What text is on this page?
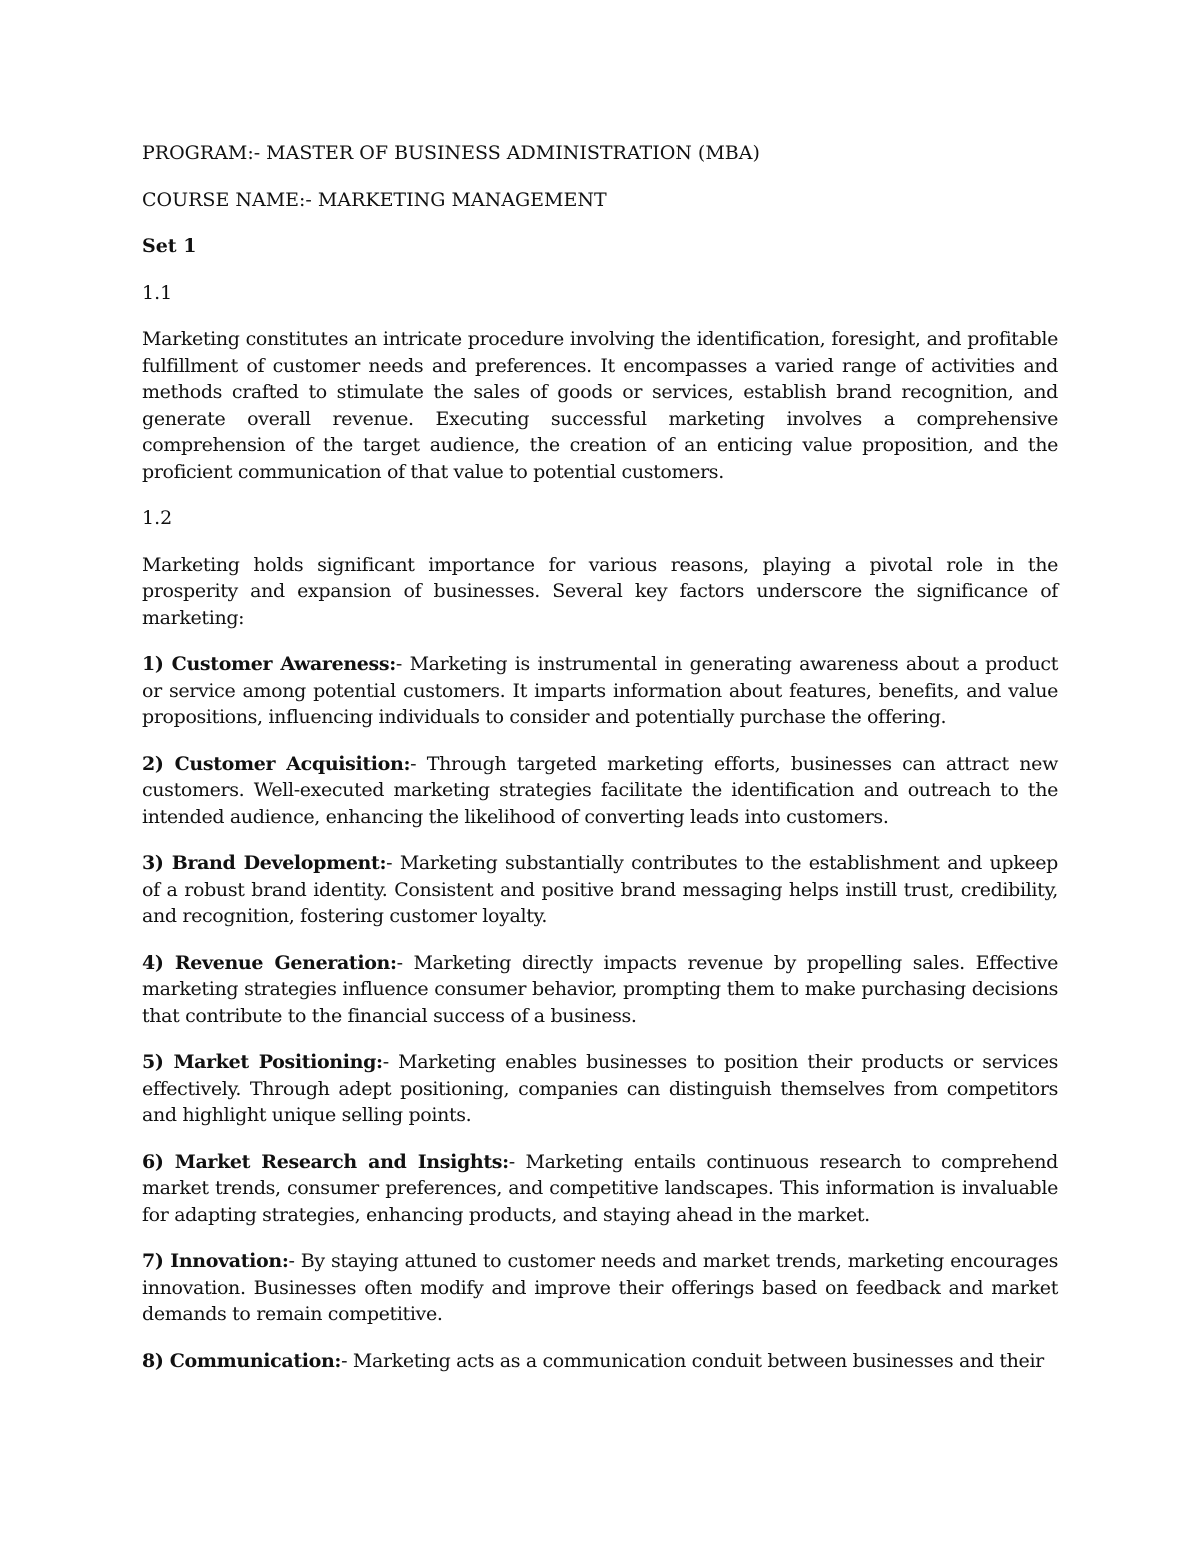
PROGRAM:- MASTER OF BUSINESS ADMINISTRATION (MBA)

COURSE NAME:- MARKETING MANAGEMENT

Set 1

1.1

Marketing constitutes an intricate procedure involving the identification, foresight, and profitable fulfillment of customer needs and preferences. It encompasses a varied range of activities and methods crafted to stimulate the sales of goods or services, establish brand recognition, and generate overall revenue. Executing successful marketing involves a comprehensive comprehension of the target audience, the creation of an enticing value proposition, and the proficient communication of that value to potential customers.

1.2

Marketing holds significant importance for various reasons, playing a pivotal role in the prosperity and expansion of businesses. Several key factors underscore the significance of marketing:

1) Customer Awareness:- Marketing is instrumental in generating awareness about a product or service among potential customers. It imparts information about features, benefits, and value propositions, influencing individuals to consider and potentially purchase the offering.

2) Customer Acquisition:- Through targeted marketing efforts, businesses can attract new customers. Well-executed marketing strategies facilitate the identification and outreach to the intended audience, enhancing the likelihood of converting leads into customers.

3) Brand Development:- Marketing substantially contributes to the establishment and upkeep of a robust brand identity. Consistent and positive brand messaging helps instill trust, credibility, and recognition, fostering customer loyalty.

4) Revenue Generation:- Marketing directly impacts revenue by propelling sales. Effective marketing strategies influence consumer behavior, prompting them to make purchasing decisions that contribute to the financial success of a business.

5) Market Positioning:- Marketing enables businesses to position their products or services effectively. Through adept positioning, companies can distinguish themselves from competitors and highlight unique selling points.

6) Market Research and Insights:- Marketing entails continuous research to comprehend market trends, consumer preferences, and competitive landscapes. This information is invaluable for adapting strategies, enhancing products, and staying ahead in the market.

7) Innovation:- By staying attuned to customer needs and market trends, marketing encourages innovation. Businesses often modify and improve their offerings based on feedback and market demands to remain competitive.

8) Communication:- Marketing acts as a communication conduit between businesses and their
